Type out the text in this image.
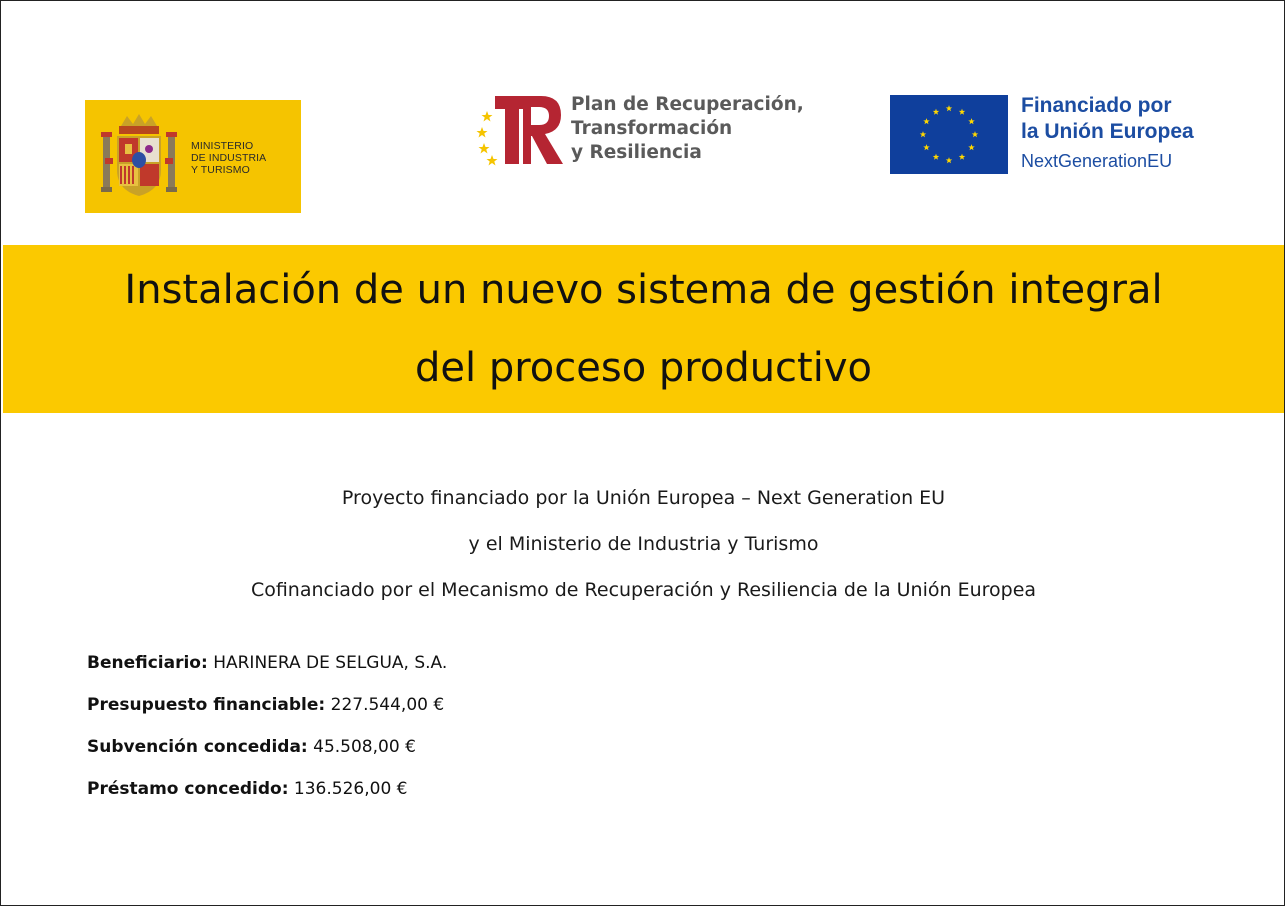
MINISTERIO
DE INDUSTRIA
Y TURISMO
Plan de Recuperación,
Transformación
y Resiliencia
Financiado por
la Unión Europea
NextGenerationEU
Instalación de un nuevo sistema de gestión integral
del proceso productivo
Proyecto financiado por la Unión Europea – Next Generation EU
y el Ministerio de Industria y Turismo
Cofinanciado por el Mecanismo de Recuperación y Resiliencia de la Unión Europea
Beneficiario: HARINERA DE SELGUA, S.A.
Presupuesto financiable: 227.544,00 €
Subvención concedida: 45.508,00 €
Préstamo concedido: 136.526,00 €
